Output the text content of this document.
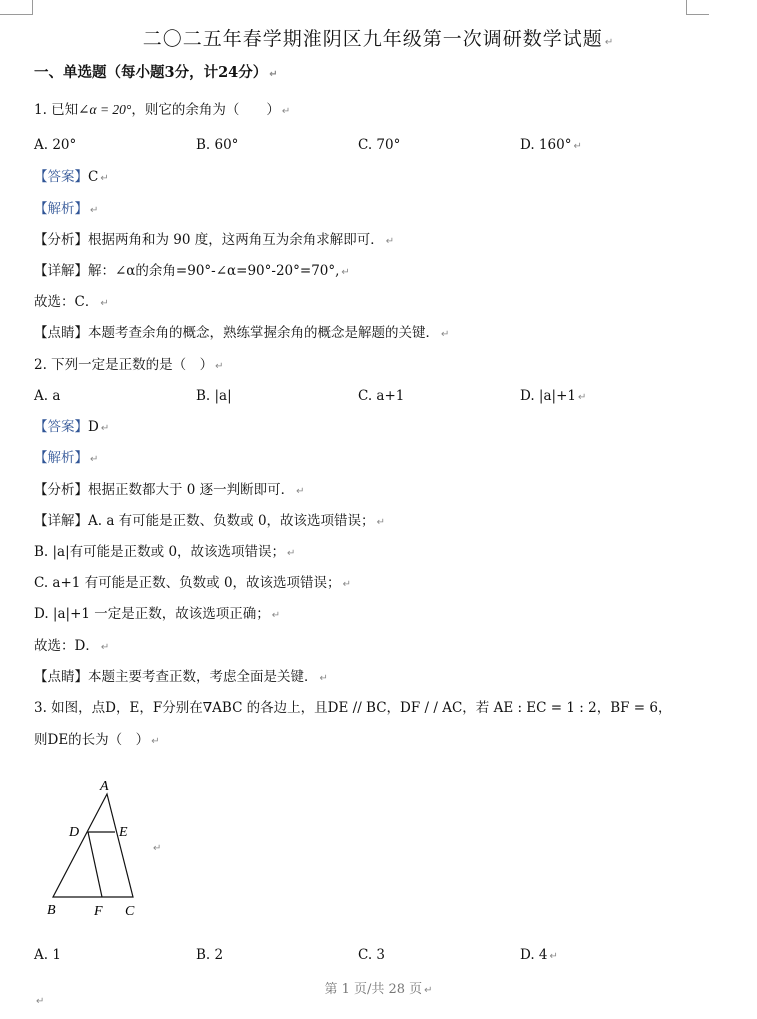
二〇二五年春学期淮阴区九年级第一次调研数学试题 ↵
一、单选题（每小题3分，计24分） ↵
1. 已知∠α = 20°，则它的余角为（　　） ↵
A. 20°	B. 60°	C. 70°	D. 160° ↵
【答案】C ↵
【解析】 ↵
【分析】根据两角和为 90 度，这两角互为余角求解即可． ↵
【详解】解：∠α的余角=90°-∠α=90°-20°=70°, ↵
故选：C． ↵
【点睛】本题考查余角的概念，熟练掌握余角的概念是解题的关键． ↵
2. 下列一定是正数的是（　） ↵
A. a	B. |a|	C. a+1	D. |a|+1 ↵
【答案】D ↵
【解析】 ↵
【分析】根据正数都大于 0 逐一判断即可． ↵
【详解】A. a 有可能是正数、负数或 0，故该选项错误； ↵
B. |a|有可能是正数或 0，故该选项错误； ↵
C. a+1 有可能是正数、负数或 0，故该选项错误； ↵
D. |a|+1 一定是正数，故该选项正确； ↵
故选：D． ↵
【点睛】本题主要考查正数，考虑全面是关键． ↵
3. 如图，点D，E，F分别在∇ABC 的各边上，且DE // BC，DF / / AC，若 AE : EC = 1 : 2，BF = 6，
则DE的长为（　） ↵
A
D	E
B	F C
↵
A. 1	B. 2	C. 3	D. 4 ↵
第 1 页/共 28 页 ↵
↵
